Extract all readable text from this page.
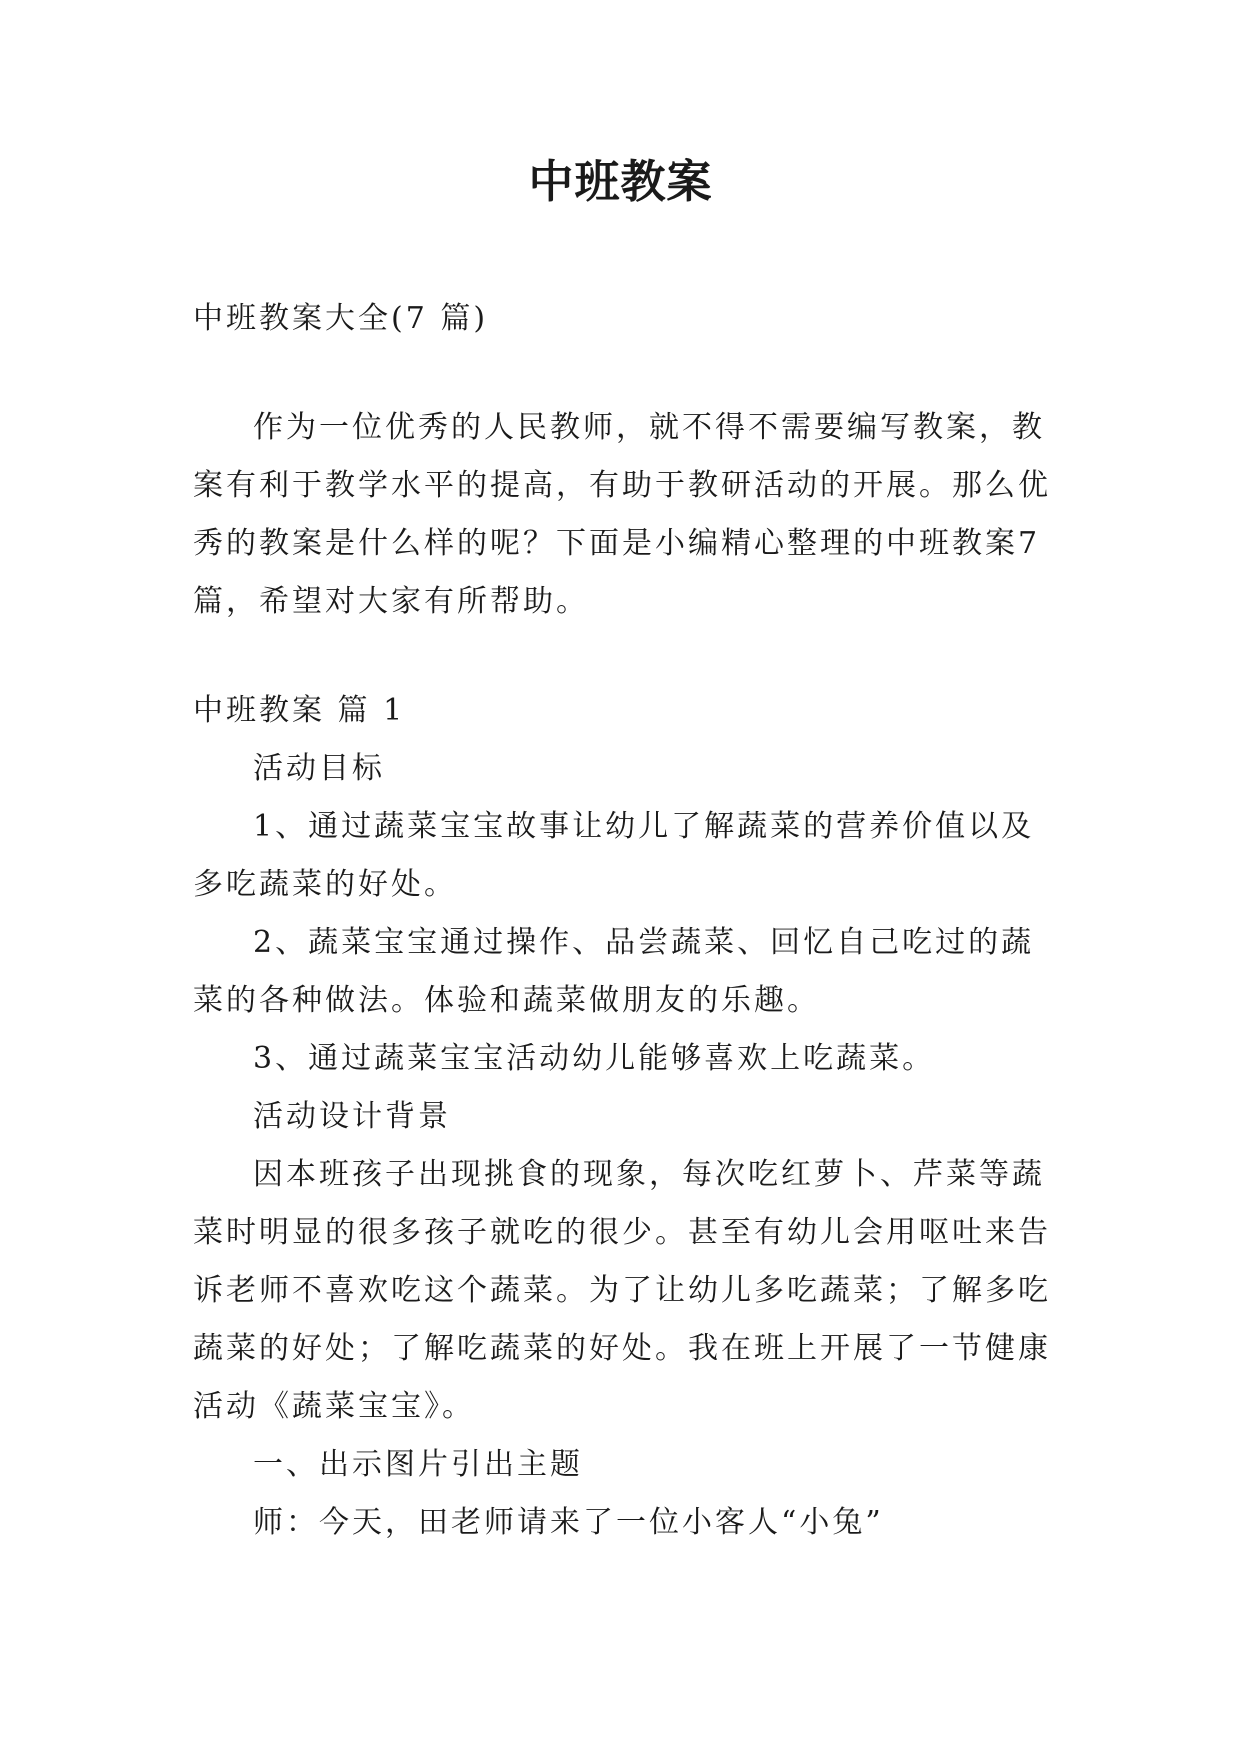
中班教案

中班教案大全(7 篇)

作为一位优秀的人民教师，就不得不需要编写教案，教案有利于教学水平的提高，有助于教研活动的开展。那么优秀的教案是什么样的呢？下面是小编精心整理的中班教案7 篇，希望对大家有所帮助。

中班教案 篇 1

活动目标

1、通过蔬菜宝宝故事让幼儿了解蔬菜的营养价值以及多吃蔬菜的好处。

2、蔬菜宝宝通过操作、品尝蔬菜、回忆自己吃过的蔬菜的各种做法。体验和蔬菜做朋友的乐趣。

3、通过蔬菜宝宝活动幼儿能够喜欢上吃蔬菜。

活动设计背景

因本班孩子出现挑食的现象，每次吃红萝卜、芹菜等蔬菜时明显的很多孩子就吃的很少。甚至有幼儿会用呕吐来告诉老师不喜欢吃这个蔬菜。为了让幼儿多吃蔬菜；了解多吃蔬菜的好处；了解吃蔬菜的好处。我在班上开展了一节健康活动《蔬菜宝宝》。

一、出示图片引出主题

师：今天，田老师请来了一位小客人“小兔”
